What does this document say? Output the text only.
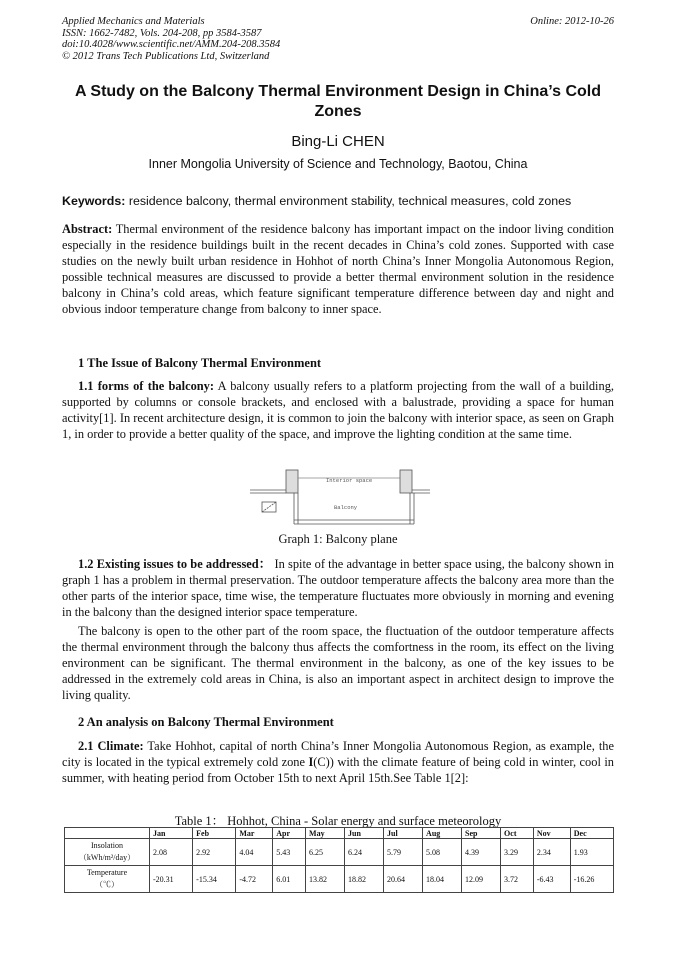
Applied Mechanics and Materials
ISSN: 1662-7482, Vols. 204-208, pp 3584-3587
doi:10.4028/www.scientific.net/AMM.204-208.3584
© 2012 Trans Tech Publications Ltd, Switzerland
Online: 2012-10-26
A Study on the Balcony Thermal Environment Design in China’s Cold Zones
Bing-Li CHEN
Inner Mongolia University of Science and Technology, Baotou, China
Keywords: residence balcony, thermal environment stability, technical measures, cold zones
Abstract: Thermal environment of the residence balcony has important impact on the indoor living condition especially in the residence buildings built in the recent decades in China’s cold zones. Supported with case studies on the newly built urban residence in Hohhot of north China’s Inner Mongolia Autonomous Region, possible technical measures are discussed to provide a better thermal environment solution in the residence balcony in China’s cold areas, which feature significant temperature difference between day and night and obvious indoor temperature change from balcony to inner space.
1 The Issue of Balcony Thermal Environment
1.1 forms of the balcony: A balcony usually refers to a platform projecting from the wall of a building, supported by columns or console brackets, and enclosed with a balustrade, providing a space for human activity[1]. In recent architecture design, it is common to join the balcony with interior space, as seen on Graph 1, in order to provide a better quality of the space, and improve the lighting condition at the same time.
Interior space
Balcony
Graph 1: Balcony plane
1.2 Existing issues to be addressed： In spite of the advantage in better space using, the balcony shown in graph 1 has a problem in thermal preservation. The outdoor temperature affects the balcony area more than the other parts of the interior space, time wise, the temperature fluctuates more obviously in morning and evening in the balcony than the designed interior space temperature.
The balcony is open to the other part of the room space, the fluctuation of the outdoor temperature affects the thermal environment through the balcony thus affects the comfortness in the room, its effect on the living environment can be significant. The thermal environment in the balcony, as one of the key issues to be addressed in the extremely cold areas in China, is also an important aspect in architect design to improve the living quality.
2 An analysis on Balcony Thermal Environment
2.1 Climate: Take Hohhot, capital of north China’s Inner Mongolia Autonomous Region, as example, the city is located in the typical extremely cold zone I(C)) with the climate feature of being cold in winter, cool in summer, with heating period from October 15th to next April 15th.See Table 1[2]:
Table 1： Hohhot, China - Solar energy and surface meteorology
	Jan	Feb	Mar	Apr	May	Jun	Jul	Aug	Sep	Oct	Nov	Dec

Insolation
（kWh/m²/day）	2.08	2.92	4.04	5.43	6.25	6.24	5.79	5.08	4.39	3.29	2.34	1.93

Temperature
（℃）	-20.31	-15.34	-4.72	6.01	13.82	18.82	20.64	18.04	12.09	3.72	-6.43	-16.26
